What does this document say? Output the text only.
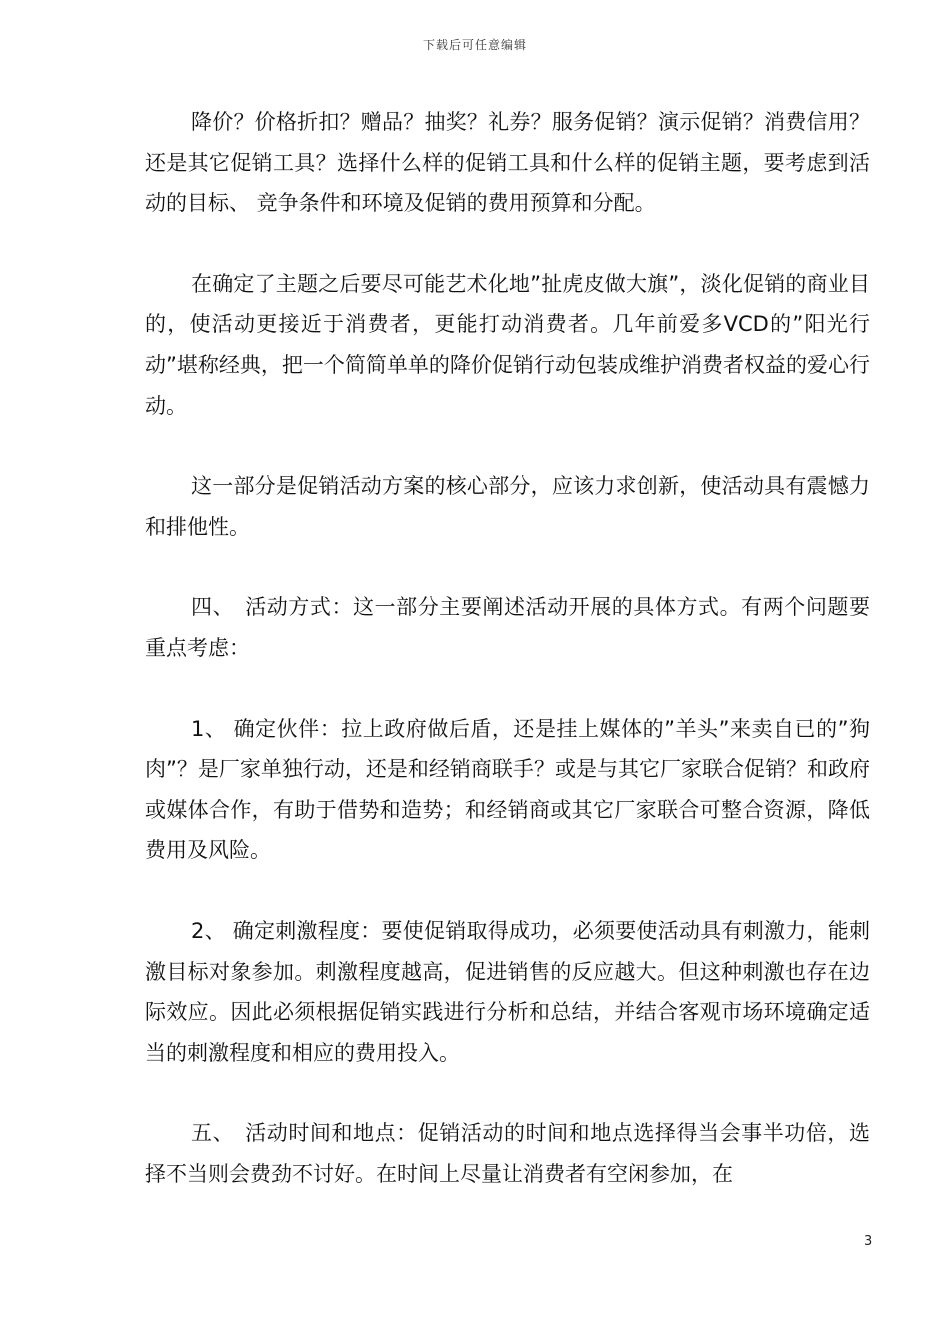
下载后可任意编辑

降价？价格折扣？赠品？抽奖？礼券？服务促销？演示促销？消费信用？还是其它促销工具？选择什么样的促销工具和什么样的促销主题，要考虑到活动的目标、 竞争条件和环境及促销的费用预算和分配。

在确定了主题之后要尽可能艺术化地”扯虎皮做大旗”，淡化促销的商业目的，使活动更接近于消费者，更能打动消费者。几年前爱多VCD的”阳光行动”堪称经典，把一个简简单单的降价促销行动包装成维护消费者权益的爱心行动。

这一部分是促销活动方案的核心部分，应该力求创新，使活动具有震憾力和排他性。

四、　活动方式：这一部分主要阐述活动开展的具体方式。有两个问题要重点考虑：

1、 确定伙伴：拉上政府做后盾，还是挂上媒体的”羊头”来卖自已的”狗肉”？是厂家单独行动，还是和经销商联手？或是与其它厂家联合促销？和政府或媒体合作，有助于借势和造势；和经销商或其它厂家联合可整合资源，降低费用及风险。

2、 确定刺激程度：要使促销取得成功，必须要使活动具有刺激力，能刺激目标对象参加。刺激程度越高，促进销售的反应越大。但这种刺激也存在边际效应。因此必须根据促销实践进行分析和总结，并结合客观市场环境确定适当的刺激程度和相应的费用投入。

五、　活动时间和地点：促销活动的时间和地点选择得当会事半功倍，选择不当则会费劲不讨好。在时间上尽量让消费者有空闲参加，在

3
